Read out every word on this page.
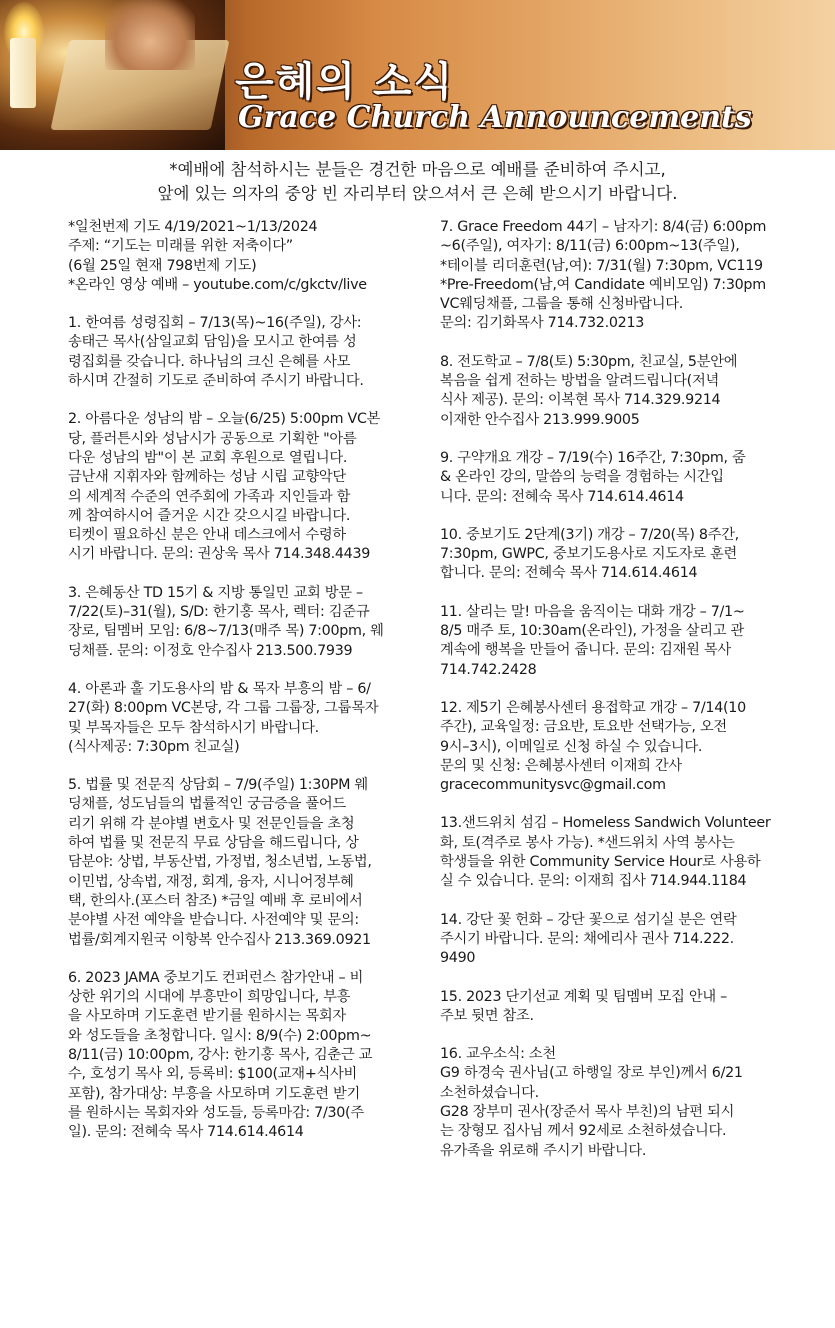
은혜의 소식
Grace Church Announcements
*예배에 참석하시는 분들은 경건한 마음으로 예배를 준비하여 주시고,
앞에 있는 의자의 중앙 빈 자리부터 앉으셔서 큰 은혜 받으시기 바랍니다.
*일천번제 기도 4/19/2021~1/13/2024
주제: “기도는 미래를 위한 저축이다”
(6월 25일 현재 798번제 기도)
*온라인 영상 예배 – youtube.com/c/gkctv/live
1. 한여름 성령집회 – 7/13(목)~16(주일), 강사:
송태근 목사(삼일교회 담임)을 모시고 한여름 성
령집회를 갖습니다. 하나님의 크신 은혜를 사모
하시며 간절히 기도로 준비하여 주시기 바랍니다.
2. 아름다운 성남의 밤 – 오늘(6/25) 5:00pm VC본
당, 플러튼시와 성남시가 공동으로 기획한 "아름
다운 성남의 밤"이 본 교회 후원으로 열립니다.
금난새 지휘자와 함께하는 성남 시립 교향악단
의 세계적 수준의 연주회에 가족과 지인들과 함
께 참여하시어 즐거운 시간 갖으시길 바랍니다.
티켓이 필요하신 분은 안내 데스크에서 수령하
시기 바랍니다. 문의: 권상욱 목사 714.348.4439
3. 은혜동산 TD 15기 & 지방 통일민 교회 방문 –
7/22(토)–31(월), S/D: 한기홍 목사, 렉터: 김준규
장로, 팀멤버 모임: 6/8~7/13(매주 목) 7:00pm, 웨
딩채플. 문의: 이정호 안수집사 213.500.7939
4. 아론과 훌 기도용사의 밤 & 목자 부흥의 밤 – 6/
27(화) 8:00pm VC본당, 각 그룹 그룹장, 그룹목자
및 부목자들은 모두 참석하시기 바랍니다.
(식사제공: 7:30pm 친교실)
5. 법률 및 전문직 상담회 – 7/9(주일) 1:30PM 웨
딩채플, 성도님들의 법률적인 궁금증을 풀어드
리기 위해 각 분야별 변호사 및 전문인들을 초청
하여 법률 및 전문직 무료 상담을 해드립니다, 상
담분야: 상법, 부동산법, 가정법, 청소년법, 노동법,
이민법, 상속법, 재정, 회계, 융자, 시니어정부혜
택, 한의사.(포스터 참조) *금일 예배 후 로비에서
분야별 사전 예약을 받습니다. 사전예약 및 문의:
법률/회계지원국 이항복 안수집사 213.369.0921
6. 2023 JAMA 중보기도 컨퍼런스 참가안내 – 비
상한 위기의 시대에 부흥만이 희망입니다, 부흥
을 사모하며 기도훈련 받기를 원하시는 목회자
와 성도들을 초청합니다. 일시: 8/9(수) 2:00pm~
8/11(금) 10:00pm, 강사: 한기홍 목사, 김춘근 교
수, 호성기 목사 외, 등록비: $100(교재+식사비
포함), 참가대상: 부흥을 사모하며 기도훈련 받기
를 원하시는 목회자와 성도들, 등록마감: 7/30(주
일). 문의: 전혜숙 목사 714.614.4614
7. Grace Freedom 44기 – 남자기: 8/4(금) 6:00pm
~6(주일), 여자기: 8/11(금) 6:00pm~13(주일),
*테이블 리더훈련(남,여): 7/31(월) 7:30pm, VC119
*Pre-Freedom(남,여 Candidate 예비모임) 7:30pm
VC웨딩채플, 그룹을 통해 신청바랍니다.
문의: 김기화목사 714.732.0213
8. 전도학교 – 7/8(토) 5:30pm, 친교실, 5분안에
복음을 쉽게 전하는 방법을 알려드립니다(저녁
식사 제공). 문의: 이복현 목사 714.329.9214
이재한 안수집사 213.999.9005
9. 구약개요 개강 – 7/19(수) 16주간, 7:30pm, 줌
& 온라인 강의, 말씀의 능력을 경험하는 시간입
니다. 문의: 전혜숙 목사 714.614.4614
10. 중보기도 2단계(3기) 개강 – 7/20(목) 8주간,
7:30pm, GWPC, 중보기도용사로 지도자로 훈련
합니다. 문의: 전혜숙 목사 714.614.4614
11. 살리는 말! 마음을 움직이는 대화 개강 – 7/1~
8/5 매주 토, 10:30am(온라인), 가정을 살리고 관
계속에 행복을 만들어 줍니다. 문의: 김재원 목사
714.742.2428
12. 제5기 은혜봉사센터 용접학교 개강 – 7/14(10
주간), 교육일정: 금요반, 토요반 선택가능, 오전
9시–3시), 이메일로 신청 하실 수 있습니다.
문의 및 신청: 은혜봉사센터 이재희 간사
gracecommunitysvc@gmail.com
13.샌드위치 섬김 – Homeless Sandwich Volunteer
화, 토(격주로 봉사 가능). *샌드위치 사역 봉사는
학생들을 위한 Community Service Hour로 사용하
실 수 있습니다. 문의: 이재희 집사 714.944.1184
14. 강단 꽃 헌화 – 강단 꽃으로 섬기실 분은 연락
주시기 바랍니다. 문의: 채에리사 권사 714.222.
9490
15. 2023 단기선교 계획 및 팀멤버 모집 안내 –
주보 뒷면 참조.
16. 교우소식: 소천
G9 하경숙 권사님(고 하행일 장로 부인)께서 6/21
소천하셨습니다.
G28 장부미 권사(장준서 목사 부친)의 남편 되시
는 장형모 집사님 께서 92세로 소천하셨습니다.
유가족을 위로해 주시기 바랍니다.
